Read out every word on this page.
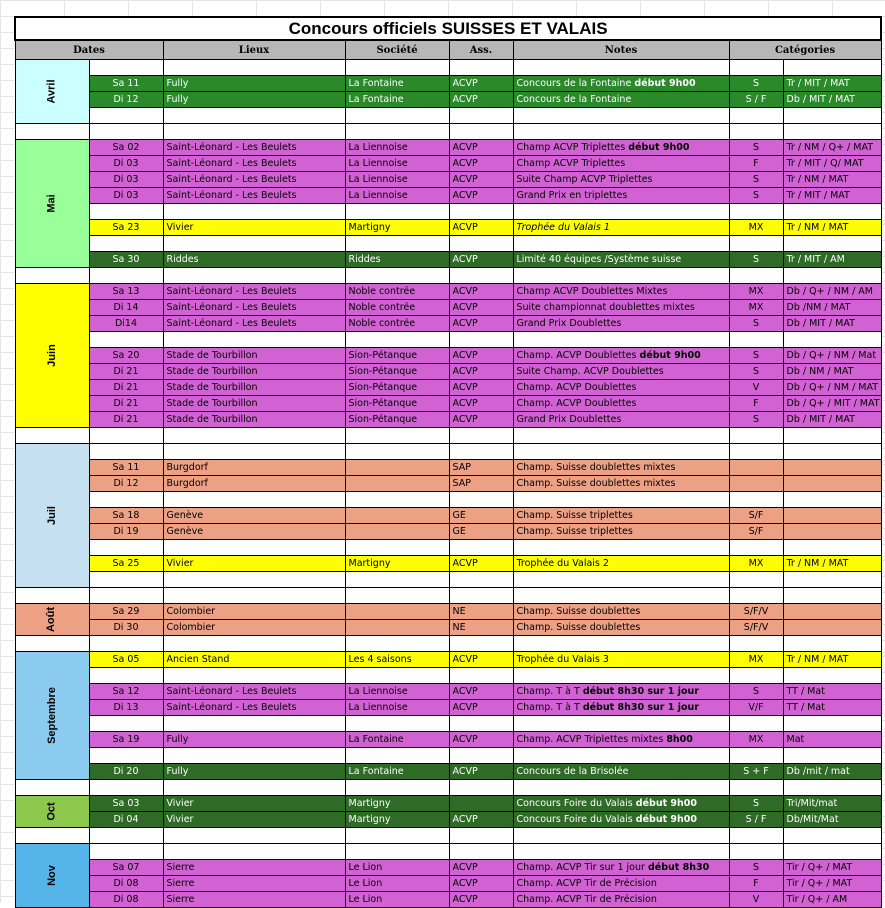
Concours officiels SUISSES ET VALAIS							
Dates		Lieux	Société	Ass.	Notes	Catégories	
Avril							
	Sa 11	Fully	La Fontaine	ACVP	Concours de la Fontaine début 9h00	S	Tr / MIT / MAT
	Di 12	Fully	La Fontaine	ACVP	Concours de la Fontaine	S / F	Db / MIT / MAT

Mai	Sa 02	Saint-Léonard - Les Beulets	La Liennoise	ACVP	Champ ACVP Triplettes début 9h00	S	Tr / NM / Q+ / MAT
	Di 03	Saint-Léonard - Les Beulets	La Liennoise	ACVP	Champ ACVP Triplettes	F	Tr / MIT / Q/ MAT
	Di 03	Saint-Léonard - Les Beulets	La Liennoise	ACVP	Suite Champ ACVP Triplettes	S	Tr / NM / MAT
	Di 03	Saint-Léonard - Les Beulets	La Liennoise	ACVP	Grand Prix en triplettes	S	Tr / MIT / MAT

	Sa 23	Vivier	Martigny	ACVP	Trophée du Valais 1	MX	Tr / NM / MAT

	Sa 30	Riddes	Riddes	ACVP	Limité 40 équipes /Système suisse	S	Tr / MIT / AM

Juin	Sa 13	Saint-Léonard - Les Beulets	Noble contrée	ACVP	Champ ACVP Doublettes Mixtes	MX	Db / Q+ / NM / AM
	Di 14	Saint-Léonard - Les Beulets	Noble contrée	ACVP	Suite championnat doublettes mixtes	MX	Db /NM / MAT
	Di14	Saint-Léonard - Les Beulets	Noble contrée	ACVP	Grand Prix Doublettes	S	Db / MIT / MAT

	Sa 20	Stade de Tourbillon	Sion-Pétanque	ACVP	Champ. ACVP Doublettes début 9h00	S	Db / Q+ / NM / Mat
	Di 21	Stade de Tourbillon	Sion-Pétanque	ACVP	Suite Champ. ACVP Doublettes	S	Db / NM / MAT
	Di 21	Stade de Tourbillon	Sion-Pétanque	ACVP	Champ. ACVP Doublettes	V	Db / Q+ / NM / MAT
	Di 21	Stade de Tourbillon	Sion-Pétanque	ACVP	Champ. ACVP Doublettes	F	Db / Q+ / MIT / MAT
	Di 21	Stade de Tourbillon	Sion-Pétanque	ACVP	Grand Prix Doublettes	S	Db / MIT / MAT

Juil							
	Sa 11	Burgdorf		SAP	Champ. Suisse doublettes mixtes		
	Di 12	Burgdorf		SAP	Champ. Suisse doublettes mixtes		

	Sa 18	Genève		GE	Champ. Suisse triplettes	S/F	
	Di 19	Genève		GE	Champ. Suisse triplettes	S/F	

	Sa 25	Vivier	Martigny	ACVP	Trophée du Valais 2	MX	Tr / NM / MAT

Août	Sa 29	Colombier		NE	Champ. Suisse doublettes	S/F/V	
	Di 30	Colombier		NE	Champ. Suisse doublettes	S/F/V	

Septembre	Sa 05	Ancien Stand	Les 4 saisons	ACVP	Trophée du Valais 3	MX	Tr / NM / MAT

	Sa 12	Saint-Léonard - Les Beulets	La Liennoise	ACVP	Champ. T à T début 8h30 sur 1 jour	S	TT / Mat
	Di 13	Saint-Léonard - Les Beulets	La Liennoise	ACVP	Champ. T à T début 8h30 sur 1 jour	V/F	TT / Mat

	Sa 19	Fully	La Fontaine	ACVP	Champ. ACVP Triplettes mixtes 8h00	MX	Mat

	Di 20	Fully	La Fontaine	ACVP	Concours de la Brisolée	S + F	Db /mit / mat

Oct	Sa 03	Vivier	Martigny		Concours Foire du Valais début 9h00	S	Tri/Mit/mat
	Di 04	Vivier	Martigny	ACVP	Concours Foire du Valais début 9h00	S / F	Db/Mit/Mat

Nov							
	Sa 07	Sierre	Le Lion	ACVP	Champ. ACVP Tir sur 1 jour début 8h30	S	Tir / Q+ / MAT
	Di 08	Sierre	Le Lion	ACVP	Champ. ACVP Tir de Précision	F	Tir / Q+ / MAT
	Di 08	Sierre	Le Lion	ACVP	Champ. ACVP Tir de Précision	V	Tir / Q+ / AM
